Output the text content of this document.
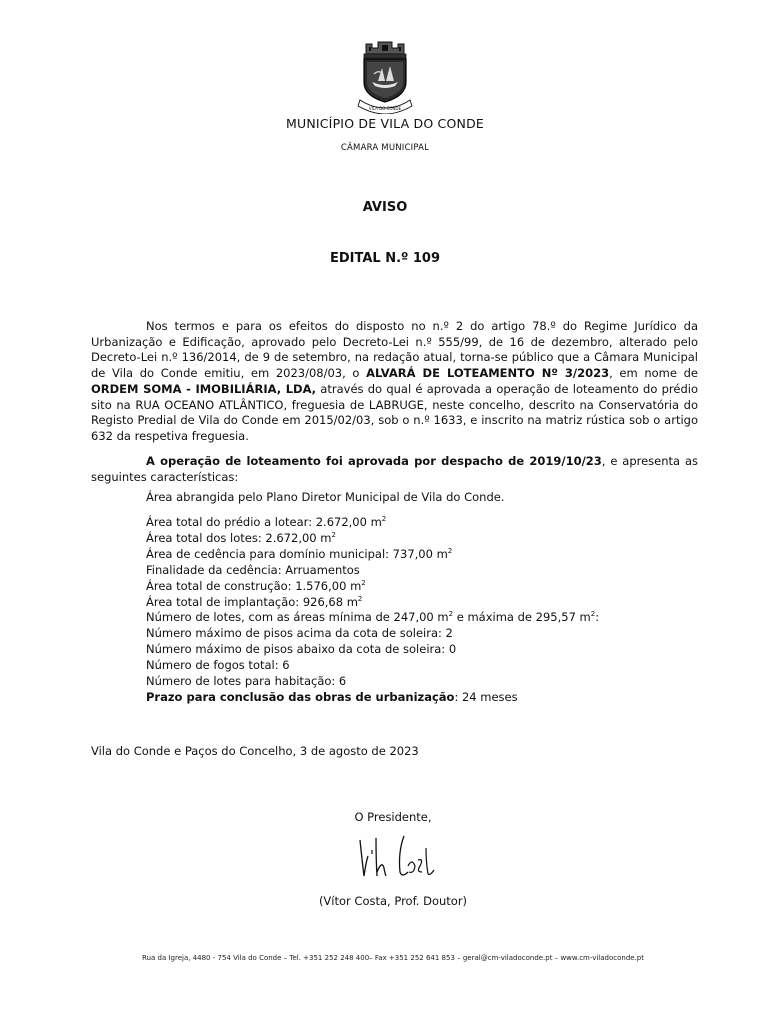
VILA DO CONDE
MUNICÍPIO DE VILA DO CONDE
CÂMARA MUNICIPAL
AVISO
EDITAL N.º 109
Nos termos e para os efeitos do disposto no n.º 2 do artigo 78.º do Regime Jurídico da Urbanização e Edificação, aprovado pelo Decreto-Lei n.º 555/99, de 16 de dezembro, alterado pelo Decreto-Lei n.º 136/2014, de 9 de setembro, na redação atual, torna-se público que a Câmara Municipal de Vila do Conde emitiu, em 2023/08/03, o ALVARÁ DE LOTEAMENTO Nº 3/2023, em nome de ORDEM SOMA - IMOBILIÁRIA, LDA, através do qual é aprovada a operação de loteamento do prédio sito na RUA OCEANO ATLÂNTICO, freguesia de LABRUGE, neste concelho, descrito na Conservatória do Registo Predial de Vila do Conde em 2015/02/03, sob o n.º 1633, e inscrito na matriz rústica sob o artigo 632 da respetiva freguesia.
A operação de loteamento foi aprovada por despacho de 2019/10/23, e apresenta as seguintes características:
Área abrangida pelo Plano Diretor Municipal de Vila do Conde.
Área total do prédio a lotear: 2.672,00 $m^2$
Área total dos lotes: 2.672,00 $m^2$
Área de cedência para domínio municipal: 737,00 $m^2$
Finalidade da cedência: Arruamentos
Área total de construção: 1.576,00 $m^2$
Área total de implantação: 926,68 $m^2$
Número de lotes, com as áreas mínima de 247,00 $m^2$ e máxima de 295,57 $m^2$:
Número máximo de pisos acima da cota de soleira: 2
Número máximo de pisos abaixo da cota de soleira: 0
Número de fogos total: 6
Número de lotes para habitação: 6
Prazo para conclusão das obras de urbanização: 24 meses
Vila do Conde e Paços do Concelho, 3 de agosto de 2023
O Presidente,
(Vítor Costa, Prof. Doutor)
Rua da Igreja, 4480 - 754 Vila do Conde – Tel. +351 252 248 400– Fax +351 252 641 853 – geral@cm-viladoconde.pt – www.cm-viladoconde.pt
